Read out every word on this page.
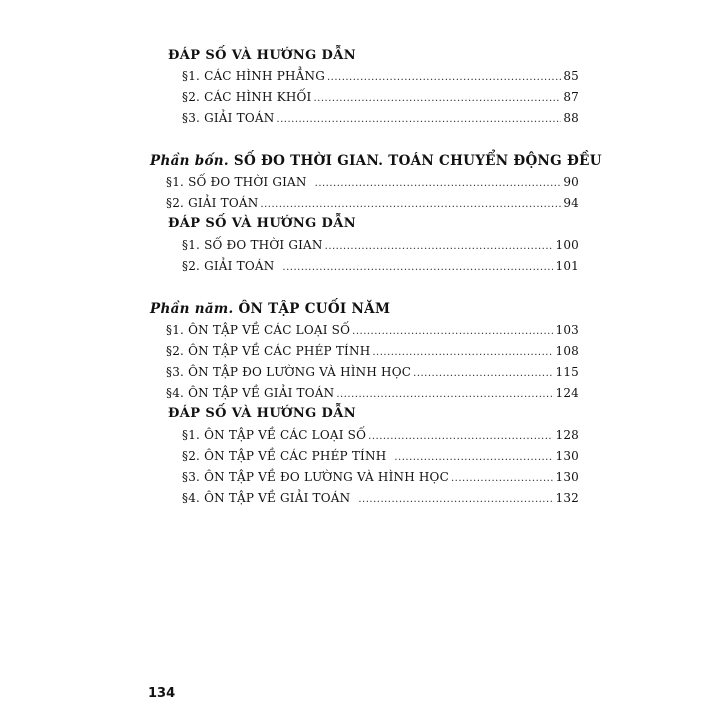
ĐÁP SỐ VÀ HƯỚNG DẪN
§1. CÁC HÌNH PHẲNG .....	85
§2. CÁC HÌNH KHỐI .....	87
§3. GIẢI TOÁN .....	88
Phần bốn. SỐ ĐO THỜI GIAN. TOÁN CHUYỂN ĐỘNG ĐỀU
§1. SỐ ĐO THỜI GIAN .....	90
§2. GIẢI TOÁN .....	94
ĐÁP SỐ VÀ HƯỚNG DẪN
§1. SỐ ĐO THỜI GIAN .....	100
§2. GIẢI TOÁN .....	101
Phần năm. ÔN TẬP CUỐI NĂM
§1. ÔN TẬP VỀ CÁC LOẠI SỐ .....	103
§2. ÔN TẬP VỀ CÁC PHÉP TÍNH .....	108
§3. ÔN TẬP ĐO LƯỜNG VÀ HÌNH HỌC .....	115
§4. ÔN TẬP VỀ GIẢI TOÁN .....	124
ĐÁP SỐ VÀ HƯỚNG DẪN
§1. ÔN TẬP VỀ CÁC LOẠI SỐ .....	128
§2. ÔN TẬP VỀ CÁC PHÉP TÍNH .....	130
§3. ÔN TẬP VỀ ĐO LƯỜNG VÀ HÌNH HỌC .....	130
§4. ÔN TẬP VỀ GIẢI TOÁN .....	132
134
